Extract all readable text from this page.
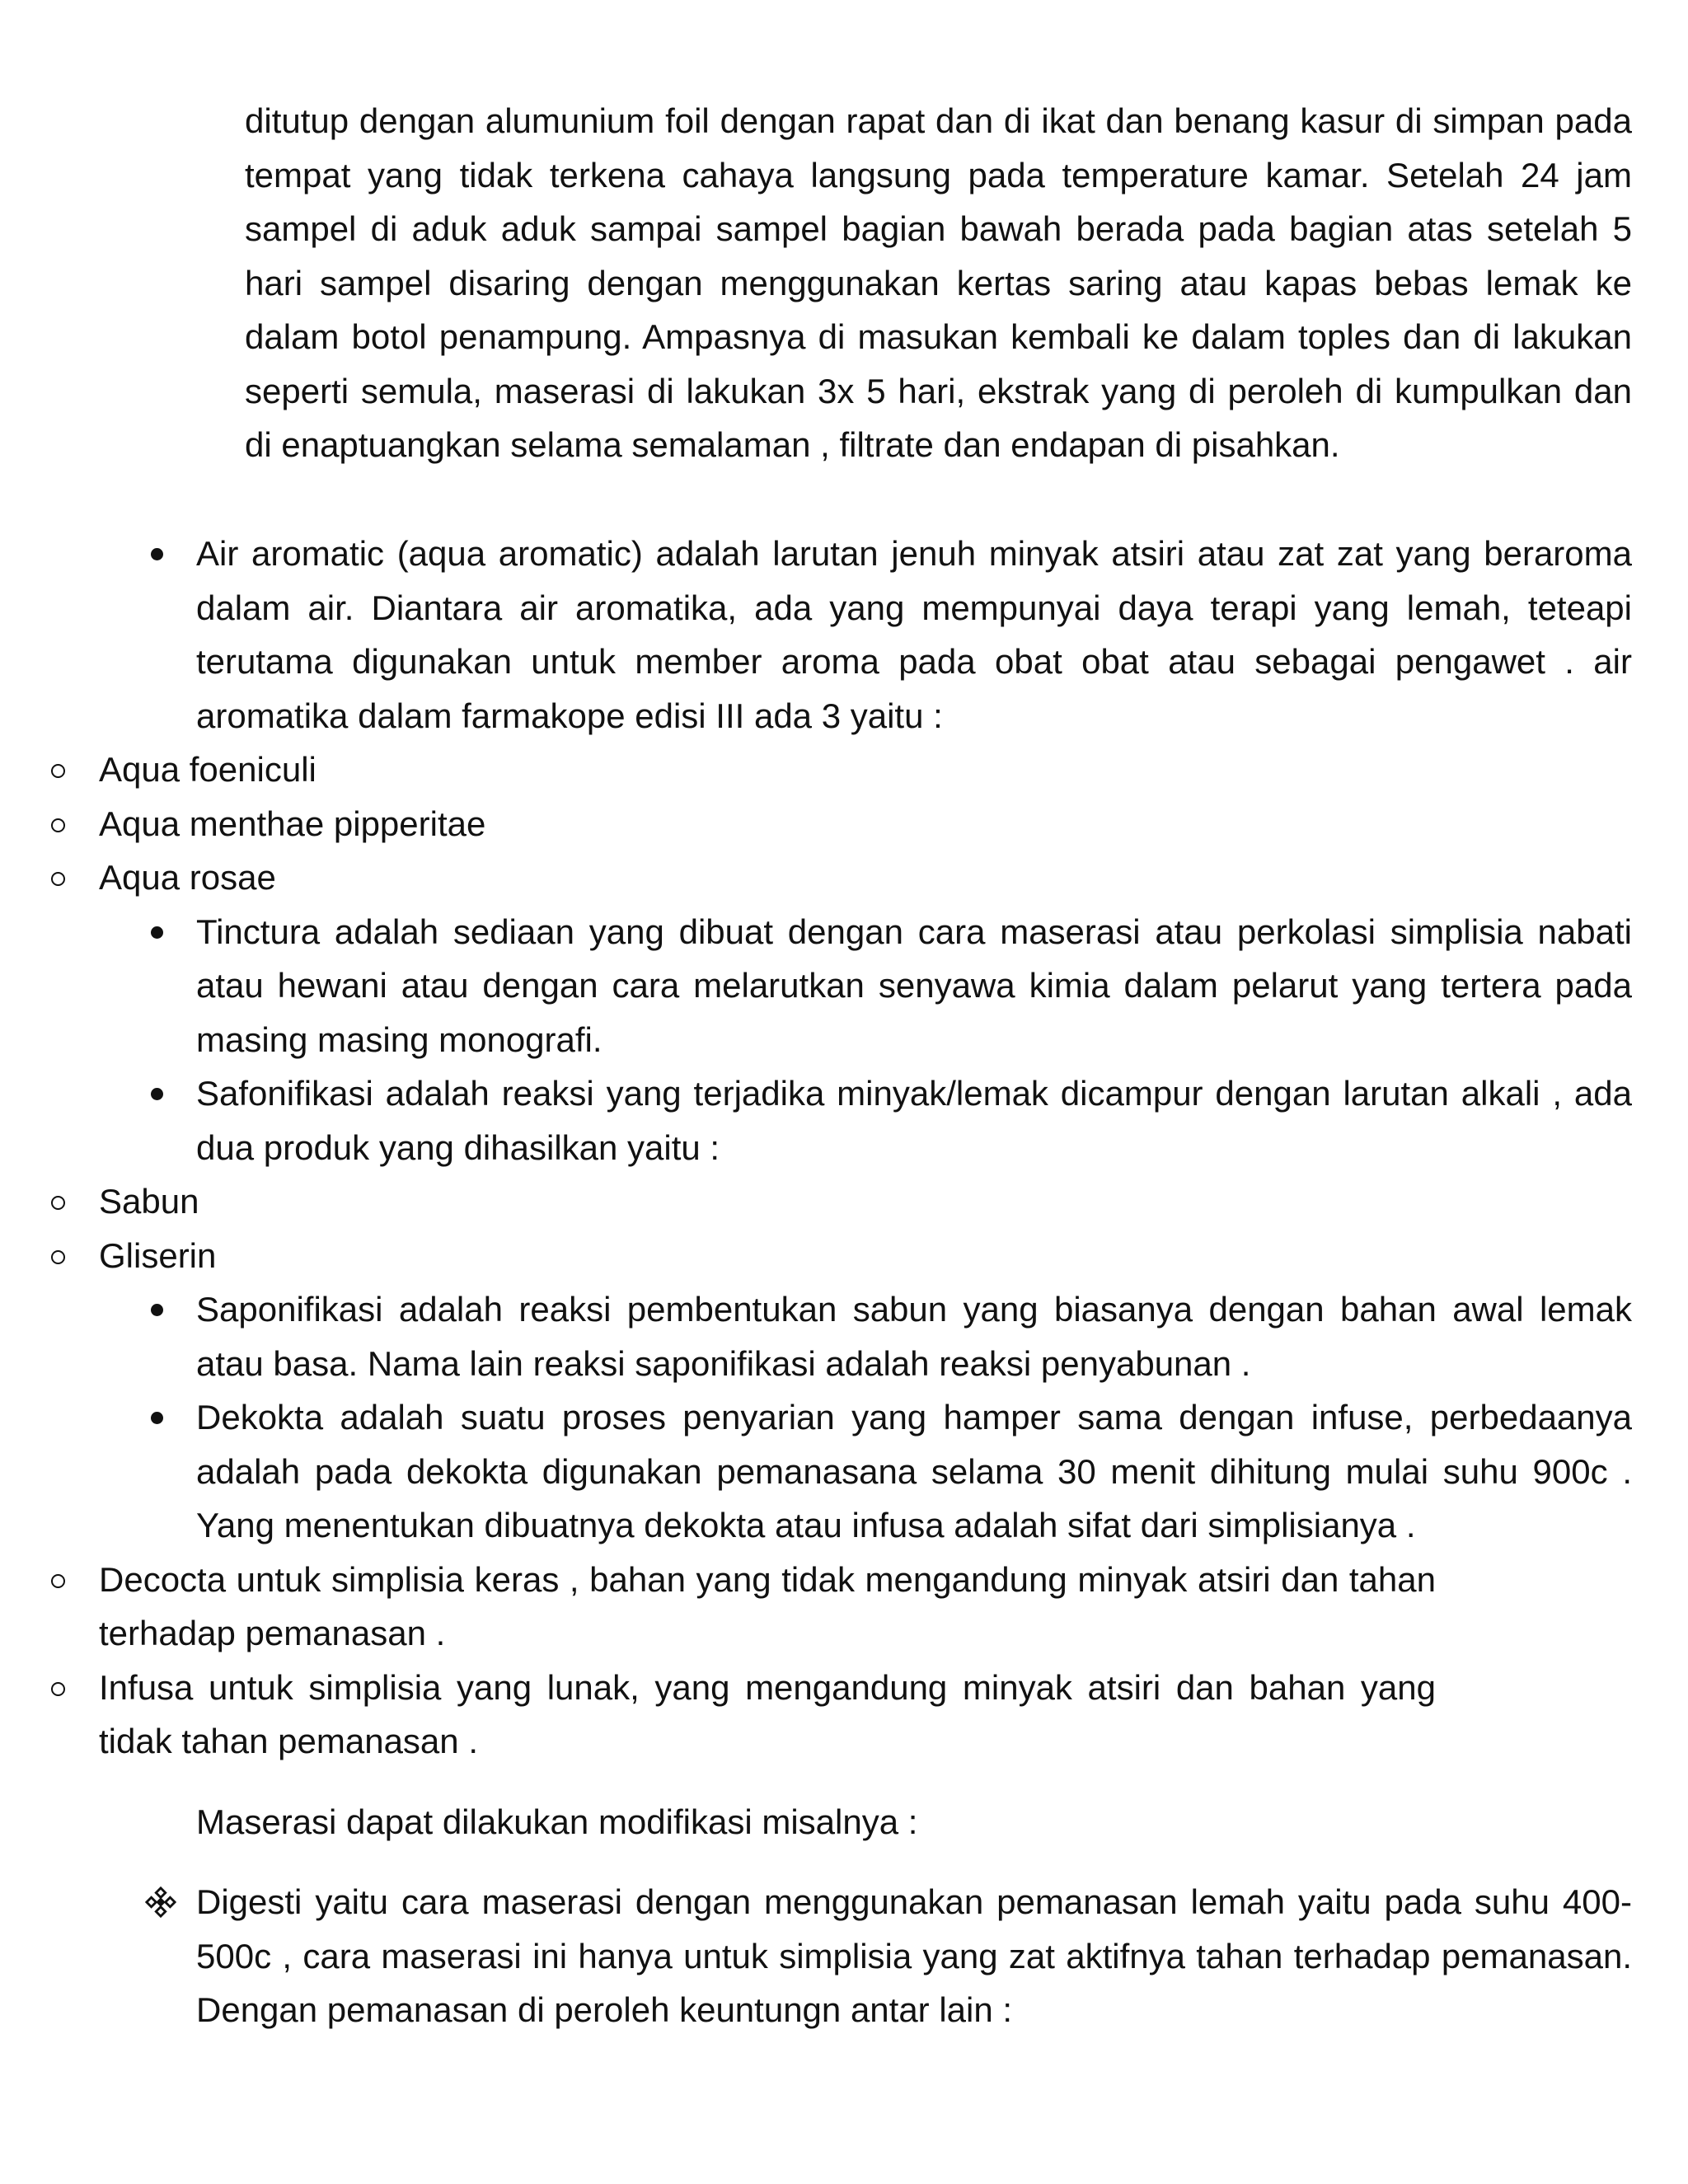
ditutup dengan alumunium foil dengan rapat dan di ikat dan benang kasur di simpan pada tempat yang tidak terkena cahaya langsung pada temperature kamar. Setelah 24 jam sampel di aduk aduk sampai sampel bagian bawah berada pada bagian atas setelah 5 hari sampel disaring dengan menggunakan kertas saring atau kapas bebas lemak ke dalam botol penampung. Ampasnya di masukan kembali ke dalam toples dan di lakukan seperti semula, maserasi di lakukan 3x 5 hari, ekstrak yang di peroleh di kumpulkan dan di enaptuangkan selama semalaman , filtrate dan endapan di pisahkan.

Air aromatic (aqua aromatic) adalah larutan jenuh minyak atsiri atau zat zat yang beraroma dalam air. Diantara air aromatika, ada yang mempunyai daya terapi yang lemah, teteapi terutama digunakan untuk member aroma pada obat obat atau sebagai pengawet . air aromatika dalam farmakope edisi III ada 3 yaitu :
Aqua foeniculi
Aqua menthae pipperitae
Aqua rosae
Tinctura adalah sediaan yang dibuat dengan cara maserasi atau perkolasi simplisia nabati atau hewani atau dengan cara melarutkan senyawa kimia dalam pelarut yang tertera pada masing masing monografi.
Safonifikasi adalah reaksi yang terjadika minyak/lemak dicampur dengan larutan alkali , ada dua produk yang dihasilkan yaitu :
Sabun
Gliserin
Saponifikasi adalah reaksi pembentukan sabun yang biasanya dengan bahan awal lemak atau basa. Nama lain reaksi saponifikasi adalah reaksi penyabunan .
Dekokta adalah suatu proses penyarian yang hamper sama dengan infuse, perbedaanya adalah pada dekokta digunakan pemanasana selama 30 menit dihitung mulai suhu 900c . Yang menentukan dibuatnya dekokta atau infusa adalah sifat dari simplisianya .
Decocta untuk simplisia keras , bahan yang tidak mengandung minyak atsiri dan tahan terhadap pemanasan .
Infusa untuk simplisia yang lunak, yang mengandung minyak atsiri dan bahan yang tidak tahan pemanasan .
Maserasi dapat dilakukan modifikasi misalnya :
Digesti yaitu cara maserasi dengan menggunakan pemanasan lemah yaitu pada suhu 400-500c , cara maserasi ini hanya untuk simplisia yang zat aktifnya tahan terhadap pemanasan. Dengan pemanasan di peroleh keuntungn antar lain :
